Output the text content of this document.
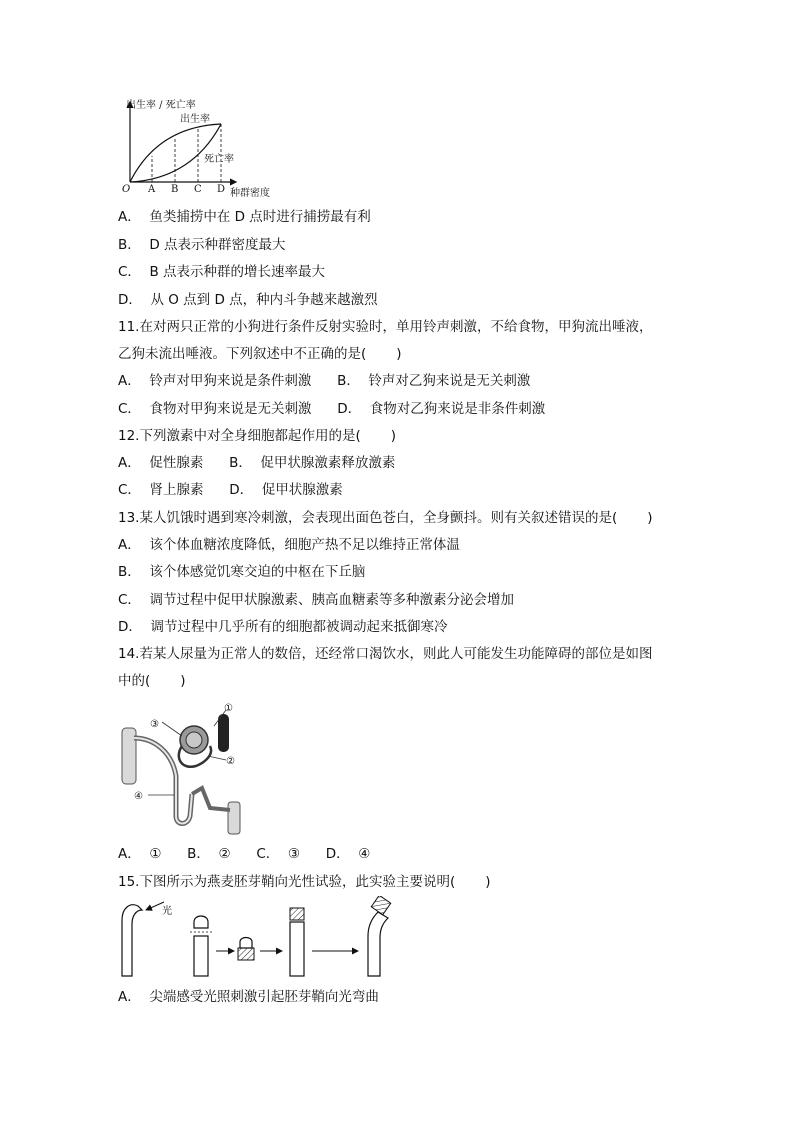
出生率 / 死亡率
出生率
死亡率
O A B C D 种群密度
A．  鱼类捕捞中在 D 点时进行捕捞最有利
B．  D 点表示种群密度最大
C．  B 点表示种群的增长速率最大
D．  从 O 点到 D 点，种内斗争越来越激烈
11.在对两只正常的小狗进行条件反射实验时，单用铃声刺激，不给食物，甲狗流出唾液，
乙狗未流出唾液。下列叙述中不正确的是(       )
A．  铃声对甲狗来说是条件刺激      B．  铃声对乙狗来说是无关刺激
C．  食物对甲狗来说是无关刺激      D．  食物对乙狗来说是非条件刺激
12.下列激素中对全身细胞都起作用的是(       )
A．  促性腺素      B．  促甲状腺激素释放激素
C．  肾上腺素      D．  促甲状腺激素
13.某人饥饿时遇到寒冷刺激，会表现出面色苍白，全身颤抖。则有关叙述错误的是(       )
A．  该个体血糖浓度降低，细胞产热不足以维持正常体温
B．  该个体感觉饥寒交迫的中枢在下丘脑
C．  调节过程中促甲状腺激素、胰高血糖素等多种激素分泌会增加
D．  调节过程中几乎所有的细胞都被调动起来抵御寒冷
14.若某人尿量为正常人的数倍，还经常口渴饮水，则此人可能发生功能障碍的部位是如图
中的(       )
①
②
③
④
A．  ①      B．  ②      C．  ③      D．  ④
15.下图所示为燕麦胚芽鞘向光性试验，此实验主要说明(       )
光
A．  尖端感受光照刺激引起胚芽鞘向光弯曲
